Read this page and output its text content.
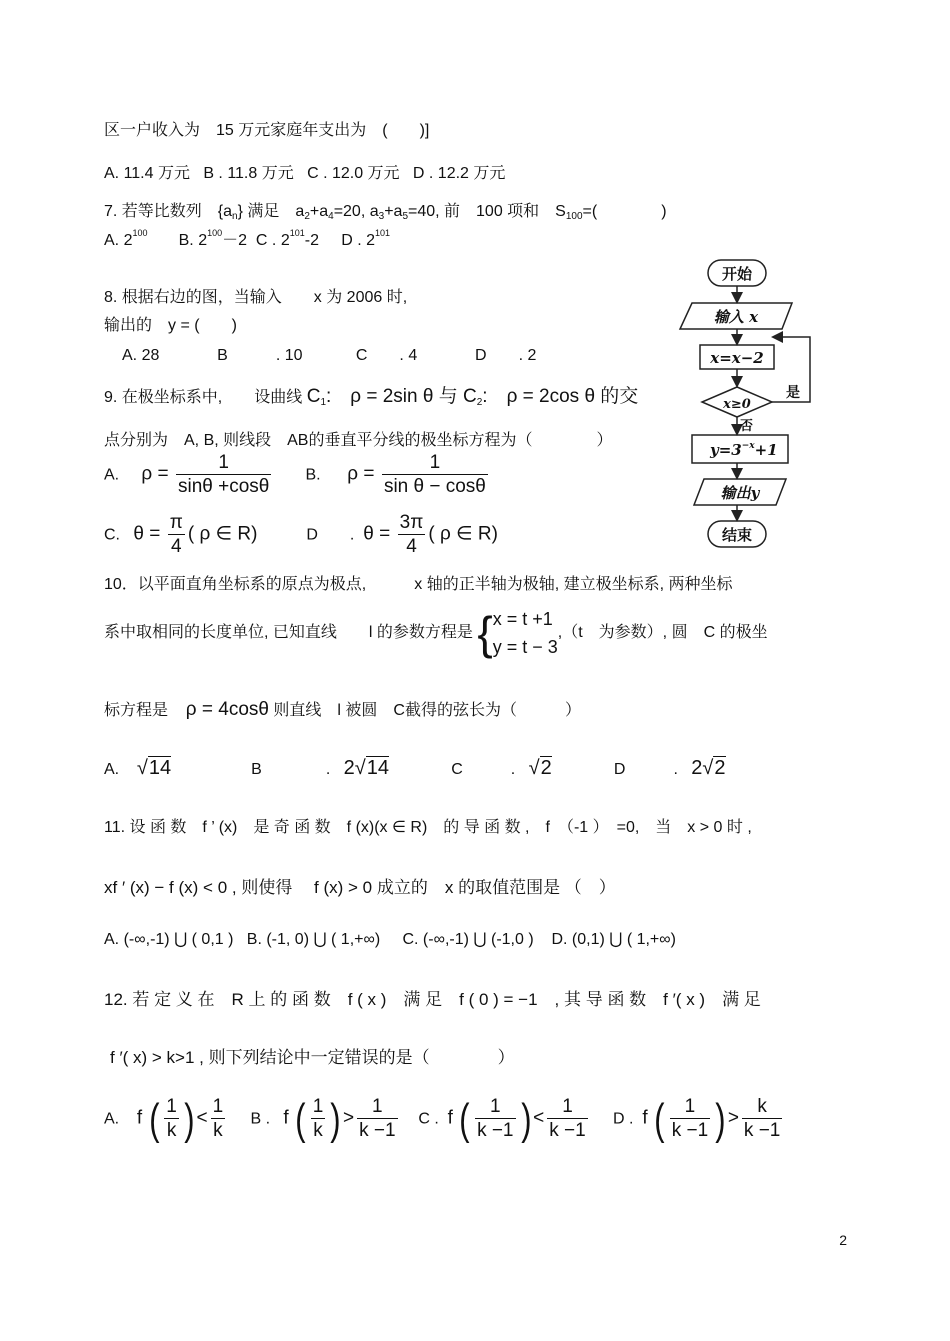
区一户收入为　15 万元家庭年支出为　(　　)]
A. 11.4 万元 B . 11.8 万元 C . 12.0 万元 D . 12.2 万元
7. 若等比数列　{an} 满足　a2+a4=20, a3+a5=40, 前　100 项和　S100=(　　　　)
A. $2^{100}$ B. $2^{100}-2$ C . $2^{101}-2$ D . $2^{101}$
8. 根据右边的图，当输入　　x 为 2006 时,
输出的　y = (　　)
A. 28	B　　　. 10	C　　. 4	D　　. 2
开始
输入 x
x=x−2
x≥0
是
否
$y=3^{-x}+1$
输出y
结束
9. 在极坐标系中,　　设曲线 C1:　ρ = 2sin θ 与 C2:　ρ = 2cos θ 的交
点分别为　A, B, 则线段　AB的垂直平分线的极坐标方程为（　　　　）
A. $\rho = \frac{1}{\sin\theta +\cos\theta} B$. $\rho = \frac{1}{\text{sin θ − cosθ}}$
C. $\theta = \frac{\pi}{4}$ ( ρ ∈ R)	D　　. $\theta = \frac{3\pi}{4}$ ( ρ ∈ R)
10．以平面直角坐标系的原点为极点,　　　x 轴的正半轴为极轴, 建立极坐标系, 两种坐标
系中取相同的长度单位, 已知直线　　l 的参数方程是 { x = t +1
y = t − 3
,（t　为参数）, 圆　C 的极坐
标方程是 ρ = 4cosθ 则直线　l 被圆　C截得的弦长为（　　　）
A. √14	B　　　　. 2√14	C　　　. √2	D　　　. 2√2
11. 设 函 数　f ’ (x)　是 奇 函 数　f (x)(x ∈ R)　的 导 函 数 ,　f　（-1 ）　=0,　当　x > 0 时 ,
xf ′ (x) − f (x) < 0 , 则使得　 f (x) > 0 成立的　x 的取值范围是 （　）
A. (-∞,-1) ⋃ ( 0,1 ) B. (-1, 0) ⋃ ( 1,+∞) C. (-∞,-1) ⋃ (-1,0 ) D. (0,1) ⋃ ( 1,+∞)
12. 若 定 义 在　R 上 的 函 数　f ( x )　满 足　f ( 0 ) = −1　, 其 导 函 数　f ′( x )　满 足
f ′( x) > k>1 , 则下列结论中一定错误的是（　　　　）
A. f ( $\frac{1}{k}$ ) < $\frac{1}{k}$ B . f ( $\frac{1}{k}$ ) > $\frac{1}{k -1}$ C . f ( $\frac{1}{k -1}$ ) < $\frac{1}{k -1}$ D . f ( $\frac{1}{k -1}$ ) > $\frac{k}{k -1}$
2
